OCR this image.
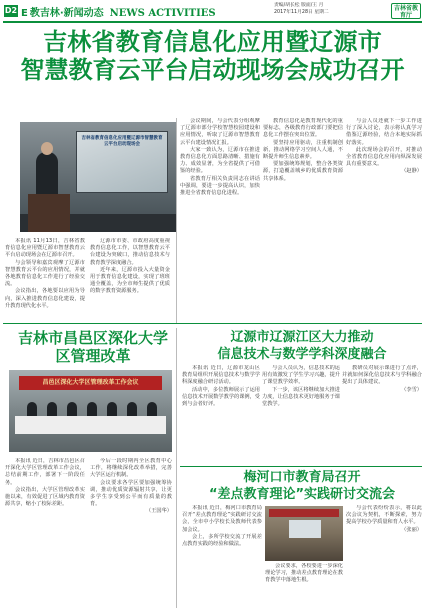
D2 E 教吉林·新闻动态 NEWS ACTIVITIES
责编/胡长松 版面/王 月
2017年11月28日 星期二
吉林省教育厅
吉林省教育信息化应用暨辽源市
智慧教育云平台启动现场会成功召开
吉林省教育信息化应用暨辽源市智慧教育云平台启动现场会

本报讯 11月13日，吉林省教育信息化应用暨辽源市智慧教育云平台启动现场会在辽源市召开。

与会领导和嘉宾观摩了辽源市智慧教育云平台的应用情况，并就各地教育信息化工作进行了经验交流。

会议指出，各地要以应用为导向，深入推进教育信息化建设，提升教育现代化水平。

辽源市市委、市政府高度重视教育信息化工作，以智慧教育云平台建设为突破口，推动信息技术与教育教学深度融合。

近年来，辽源市投入大量资金用于教育信息化建设，实现了班班通全覆盖，为全市师生提供了优质的数字教育资源服务。

会议期间，与会代表分组观摩了辽源市部分学校智慧校园建设和应用情况，听取了辽源市智慧教育云平台建设情况汇报。

大家一致认为，辽源市在推进教育信息化方面思路清晰、措施有力、成效显著，为全省提供了可借鉴的经验。

省教育厅相关负责同志在讲话中强调，要进一步提高认识，加快推进全省教育信息化进程。

教育信息化是教育现代化的重要标志，各级教育行政部门要把信息化工作摆在突出位置。

要坚持应用驱动，注重机制创新，推动网络学习空间人人通，不断提升师生信息素养。

要加强统筹规划，整合各类资源，打造覆盖城乡的优质教育资源共享体系。

与会人员还就下一步工作进行了深入讨论，表示将认真学习借鉴辽源经验，结合本地实际抓好落实。

此次现场会的召开，对推动全省教育信息化应用向纵深发展具有重要意义。

（赵静）

吉林市昌邑区深化大学区管理改革
昌邑区深化大学区管理改革工作会议

本报讯 近日，吉林市昌邑区召开深化大学区管理改革工作会议，总结前期工作，部署下一阶段任务。

会议指出，大学区管理改革实施以来，有效促进了区域内教育资源共享，缩小了校际差距。

今后一段时期内全区教育中心工作，将继续深化改革举措，完善大学区运行机制。

会议要求各学区要加强统筹协调，推动优质资源辐射共享，让更多学生享受到公平而有质量的教育。

（王国华）

辽源市辽源江区大力推动
信息技术与数学学科深度融合

本报讯 近日，辽源市龙山区教育局组织开展信息技术与数学学科深度融合研讨活动。

活动中，多位教师展示了运用信息技术开展数学教学的课例，受到与会者好评。

与会人员认为，信息技术的运用有效激发了学生学习兴趣，提升了课堂教学效率。

下一步，该区将继续加大推进力度，让信息技术更好地服务于课堂教学。

教研员对展示课进行了点评，并就如何深化信息技术与学科融合提出了具体建议。

（李雪）

梅河口市教育局召开
“差点教育理论”实践研讨交流会

本报讯 近日，梅河口市教育局召开“差点教育理论”实践研讨交流会，全市中小学校长及教师代表参加会议。

会上，多所学校交流了开展差点教育实践的经验和做法。

会议要求，各校要进一步深化理论学习，推动差点教育理论在教育教学中落地生根。

与会代表纷纷表示，将以此次会议为契机，不断探索，努力提高学校办学质量和育人水平。

（张丽）
